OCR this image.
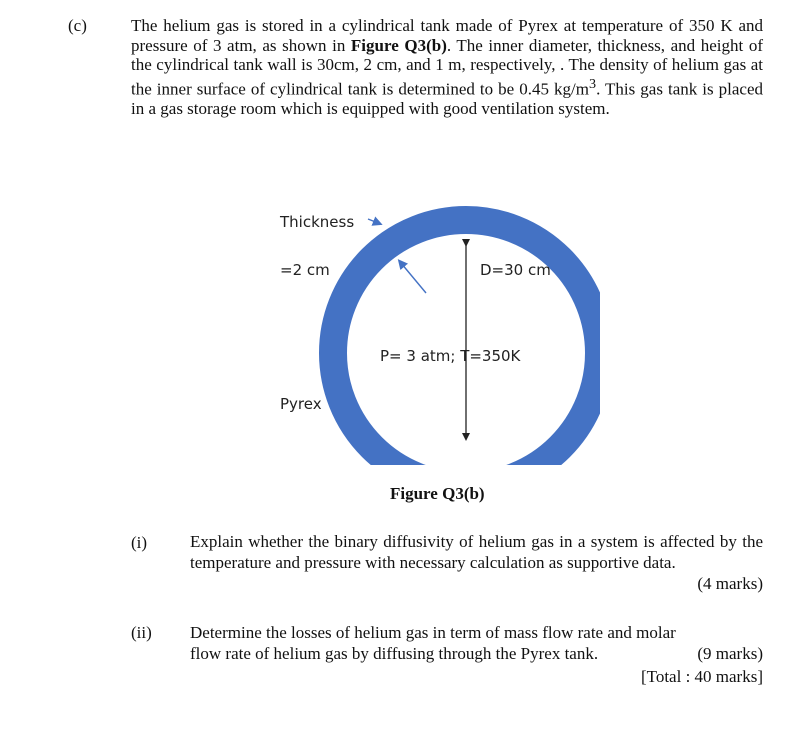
(c)	The helium gas is stored in a cylindrical tank made of Pyrex at temperature of 350 K and pressure of 3 atm, as shown in Figure Q3(b). The inner diameter, thickness, and height of the cylindrical tank wall is 30cm, 2 cm, and 1 m, respectively, . The density of helium gas at the inner surface of cylindrical tank is determined to be 0.45 $kg/m^3$. This gas tank is placed in a gas storage room which is equipped with good ventilation system.
Thickness
=2 cm	D=30 cm
P= 3 atm; T=350K
Pyrex
Figure Q3(b)
(i)	Explain whether the binary diffusivity of helium gas in a system is affected by the temperature and pressure with necessary calculation as supportive data.
(4 marks)
(ii) Determine the losses of helium gas in term of mass flow rate and molar
flow rate of helium gas by diffusing through the Pyrex tank.	(9 marks)
[Total : 40 marks]
